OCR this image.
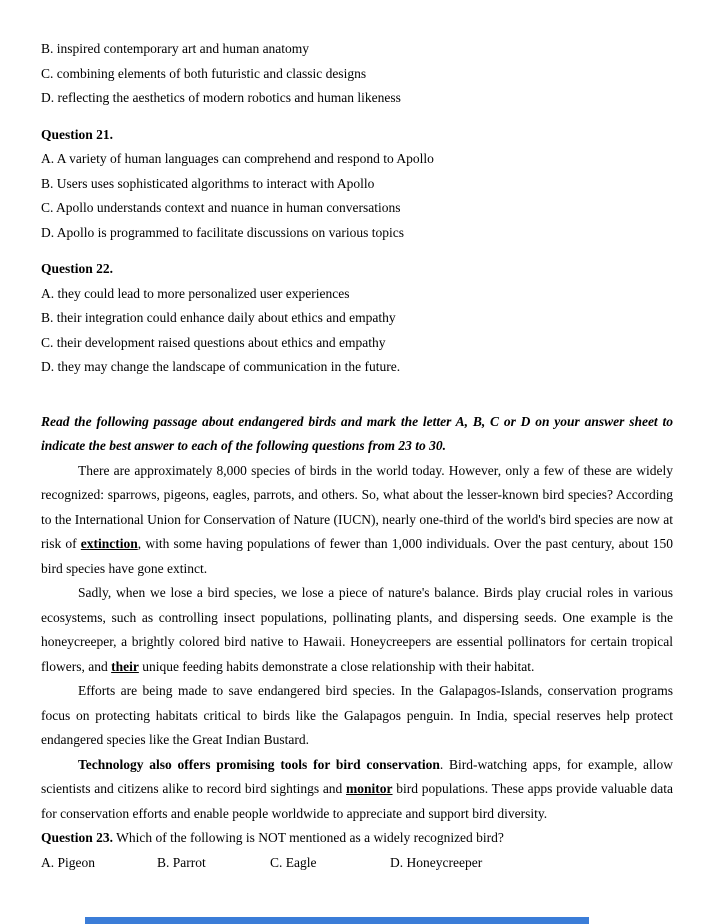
B. inspired contemporary art and human anatomy
C. combining elements of both futuristic and classic designs
D. reflecting the aesthetics of modern robotics and human likeness
Question 21.
A. A variety of human languages can comprehend and respond to Apollo
B. Users uses sophisticated algorithms to interact with Apollo
C. Apollo understands context and nuance in human conversations
D. Apollo is programmed to facilitate discussions on various topics
Question 22.
A. they could lead to more personalized user experiences
B. their integration could enhance daily about ethics and empathy
C. their development raised questions about ethics and empathy
D. they may change the landscape of communication in the future.

Read the following passage about endangered birds and mark the letter A, B, C or D on your answer sheet to indicate the best answer to each of the following questions from 23 to 30.

There are approximately 8,000 species of birds in the world today. However, only a few of these are widely recognized: sparrows, pigeons, eagles, parrots, and others. So, what about the lesser-known bird species? According to the International Union for Conservation of Nature (IUCN), nearly one-third of the world's bird species are now at risk of extinction, with some having populations of fewer than 1,000 individuals. Over the past century, about 150 bird species have gone extinct.

Sadly, when we lose a bird species, we lose a piece of nature's balance. Birds play crucial roles in various ecosystems, such as controlling insect populations, pollinating plants, and dispersing seeds. One example is the honeycreeper, a brightly colored bird native to Hawaii. Honeycreepers are essential pollinators for certain tropical flowers, and their unique feeding habits demonstrate a close relationship with their habitat.

Efforts are being made to save endangered bird species. In the Galapagos-Islands, conservation programs focus on protecting habitats critical to birds like the Galapagos penguin. In India, special reserves help protect endangered species like the Great Indian Bustard.

Technology also offers promising tools for bird conservation. Bird-watching apps, for example, allow scientists and citizens alike to record bird sightings and monitor bird populations. These apps provide valuable data for conservation efforts and enable people worldwide to appreciate and support bird diversity.

Question 23. Which of the following is NOT mentioned as a widely recognized bird?

A. Pigeon	B. Parrot	C. Eagle	D. Honeycreeper
